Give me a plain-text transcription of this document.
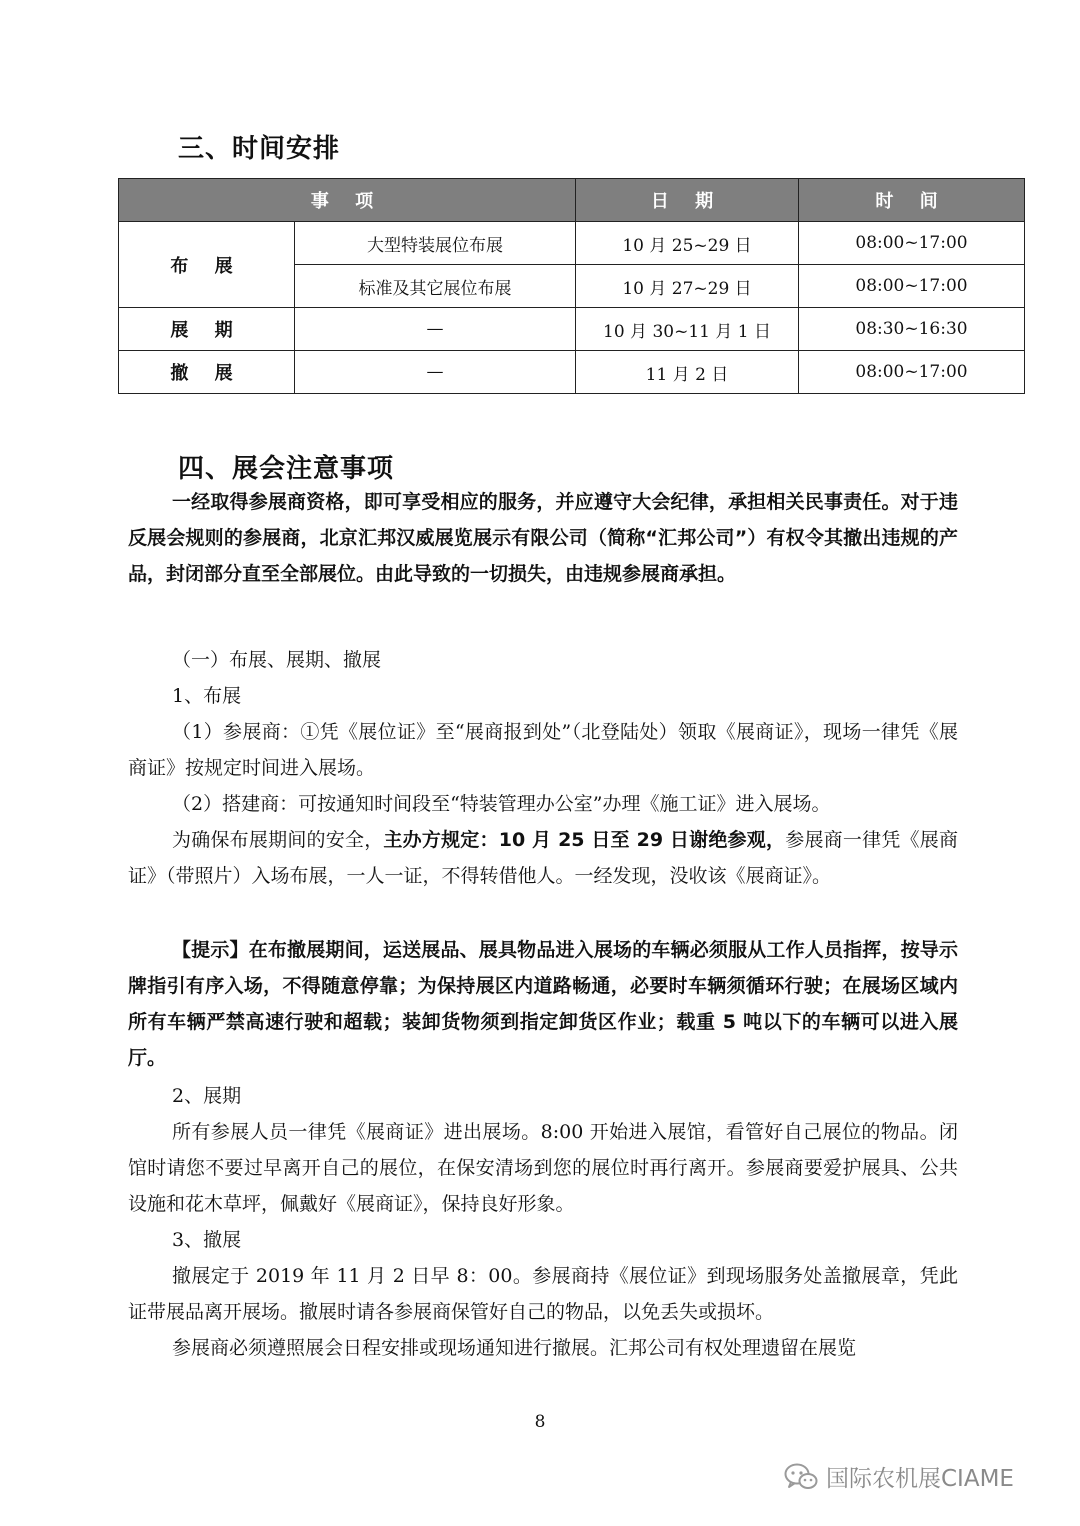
三、时间安排
事 项		日 期	时 间
布 展	大型特装展位布展	10 月 25~29 日	08:00~17:00
	标准及其它展位布展	10 月 27~29 日	08:00~17:00
展 期	—	10 月 30~11 月 1 日	08:30~16:30
撤 展	—	11 月 2 日	08:00~17:00
四、展会注意事项

一经取得参展商资格，即可享受相应的服务，并应遵守大会纪律，承担相关民事责任。对于违反展会规则的参展商，北京汇邦汉威展览展示有限公司（简称“汇邦公司”）有权令其撤出违规的产品，封闭部分直至全部展位。由此导致的一切损失，由违规参展商承担。

（一）布展、展期、撤展

1、布展

（1）参展商：①凭《展位证》至“展商报到处”（北登陆处）领取《展商证》，现场一律凭《展商证》按规定时间进入展场。

（2）搭建商：可按通知时间段至“特装管理办公室”办理《施工证》进入展场。

为确保布展期间的安全，主办方规定：10 月 25 日至 29 日谢绝参观，参展商一律凭《展商证》（带照片）入场布展，一人一证，不得转借他人。一经发现，没收该《展商证》。

【提示】在布撤展期间，运送展品、展具物品进入展场的车辆必须服从工作人员指挥，按导示牌指引有序入场，不得随意停靠；为保持展区内道路畅通，必要时车辆须循环行驶；在展场区域内所有车辆严禁高速行驶和超载；装卸货物须到指定卸货区作业；载重 5 吨以下的车辆可以进入展厅。

2、展期

所有参展人员一律凭《展商证》进出展场。8:00 开始进入展馆，看管好自己展位的物品。闭馆时请您不要过早离开自己的展位，在保安清场到您的展位时再行离开。参展商要爱护展具、公共设施和花木草坪，佩戴好《展商证》，保持良好形象。

3、撤展

撤展定于 2019 年 11 月 2 日早 8：00。参展商持《展位证》到现场服务处盖撤展章，凭此证带展品离开展场。撤展时请各参展商保管好自己的物品，以免丢失或损坏。

参展商必须遵照展会日程安排或现场通知进行撤展。汇邦公司有权处理遗留在展览

8
国际农机展CIAME
